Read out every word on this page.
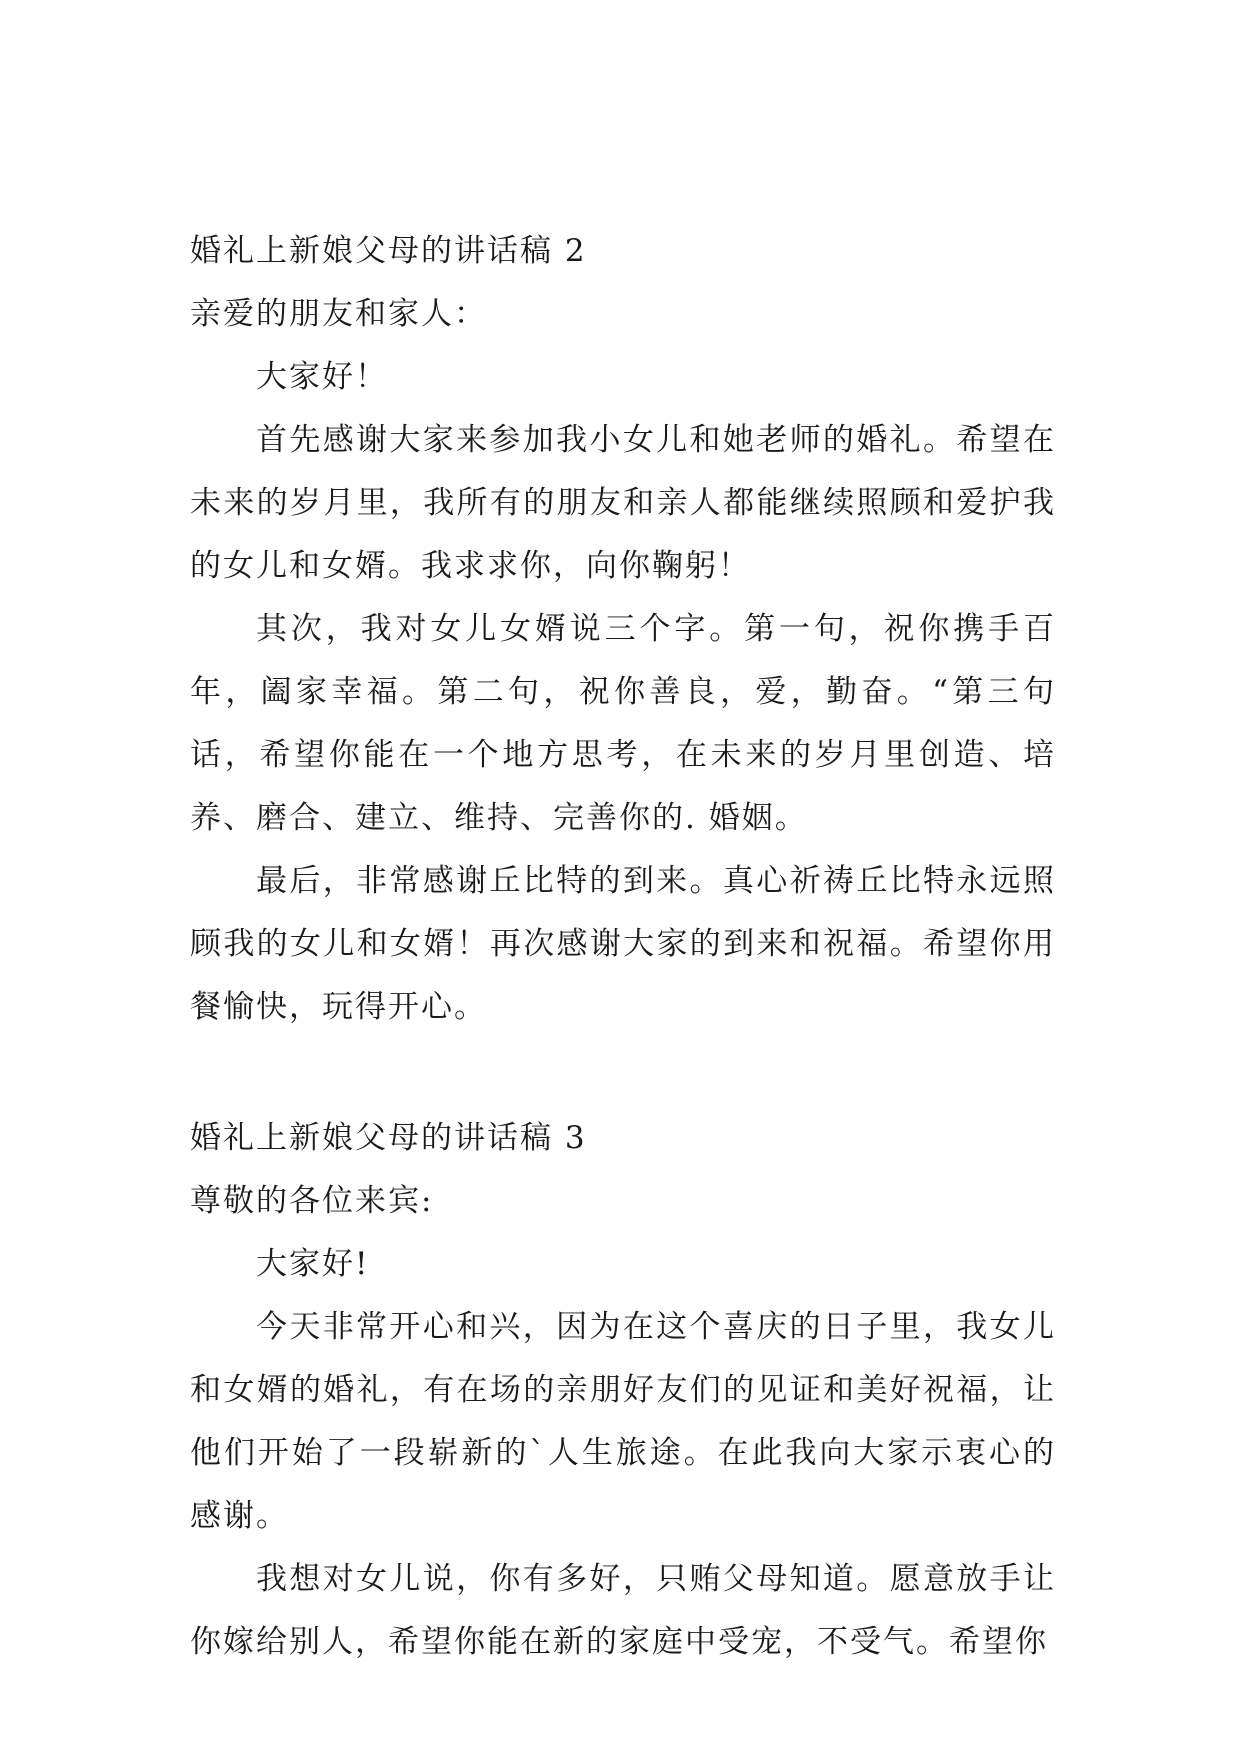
婚礼上新娘父母的讲话稿 2

亲爱的朋友和家人：

大家好！

首先感谢大家来参加我小女儿和她老师的婚礼。希望在未来的岁月里，我所有的朋友和亲人都能继续照顾和爱护我的女儿和女婿。我求求你，向你鞠躬！

其次，我对女儿女婿说三个字。第一句，祝你携手百年，阖家幸福。第二句，祝你善良，爱，勤奋。“第三句话，希望你能在一个地方思考，在未来的岁月里创造、培养、磨合、建立、维持、完善你的. 婚姻。

最后，非常感谢丘比特的到来。真心祈祷丘比特永远照顾我的女儿和女婿！再次感谢大家的到来和祝福。希望你用餐愉快，玩得开心。

婚礼上新娘父母的讲话稿 3

尊敬的各位来宾:

大家好!

今天非常开心和兴，因为在这个喜庆的日子里，我女儿和女婿的婚礼，有在场的亲朋好友们的见证和美好祝福，让他们开始了一段崭新的`人生旅途。在此我向大家示衷心的感谢。

我想对女儿说，你有多好，只贿父母知道。愿意放手让你嫁给别人，希望你能在新的家庭中受宠，不受气。希望你
